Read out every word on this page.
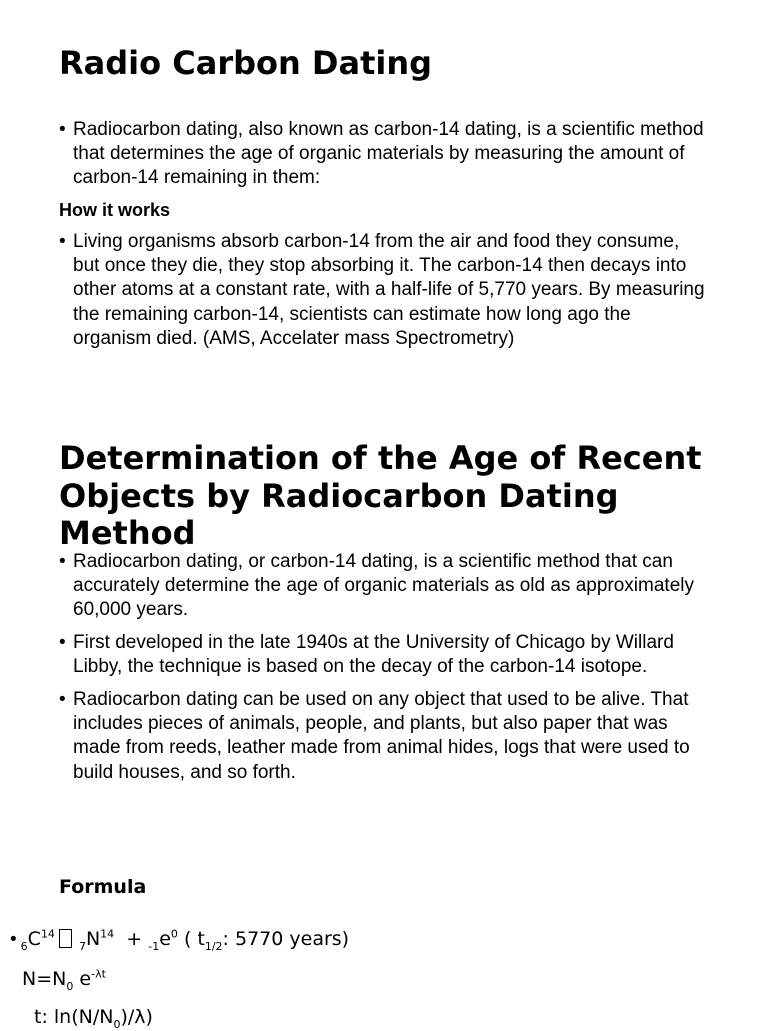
Radio Carbon Dating
• Radiocarbon dating, also known as carbon-14 dating, is a scientific method that determines the age of organic materials by measuring the amount of carbon-14 remaining in them:
How it works
• Living organisms absorb carbon-14 from the air and food they consume, but once they die, they stop absorbing it. The carbon-14 then decays into other atoms at a constant rate, with a half-life of 5,770 years. By measuring the remaining carbon-14, scientists can estimate how long ago the organism died. (AMS, Accelater mass Spectrometry)
Determination of the Age of Recent Objects by Radiocarbon Dating Method
• Radiocarbon dating, or carbon-14 dating, is a scientific method that can accurately determine the age of organic materials as old as approximately 60,000 years.
• First developed in the late 1940s at the University of Chicago by Willard Libby, the technique is based on the decay of the carbon-14 isotope.
• Radiocarbon dating can be used on any object that used to be alive. That includes pieces of animals, people, and plants, but also paper that was made from reeds, leather made from animal hides, logs that were used to build houses, and so forth.
Formula
• $_6C^{14}_7N^{14} + _{-1}e^0$ ( $t_{1/2}$: 5770 years)
$N=N_0$ $e^{-\lambda t}$
t: $\ln(N/N_0)/\lambda$)
